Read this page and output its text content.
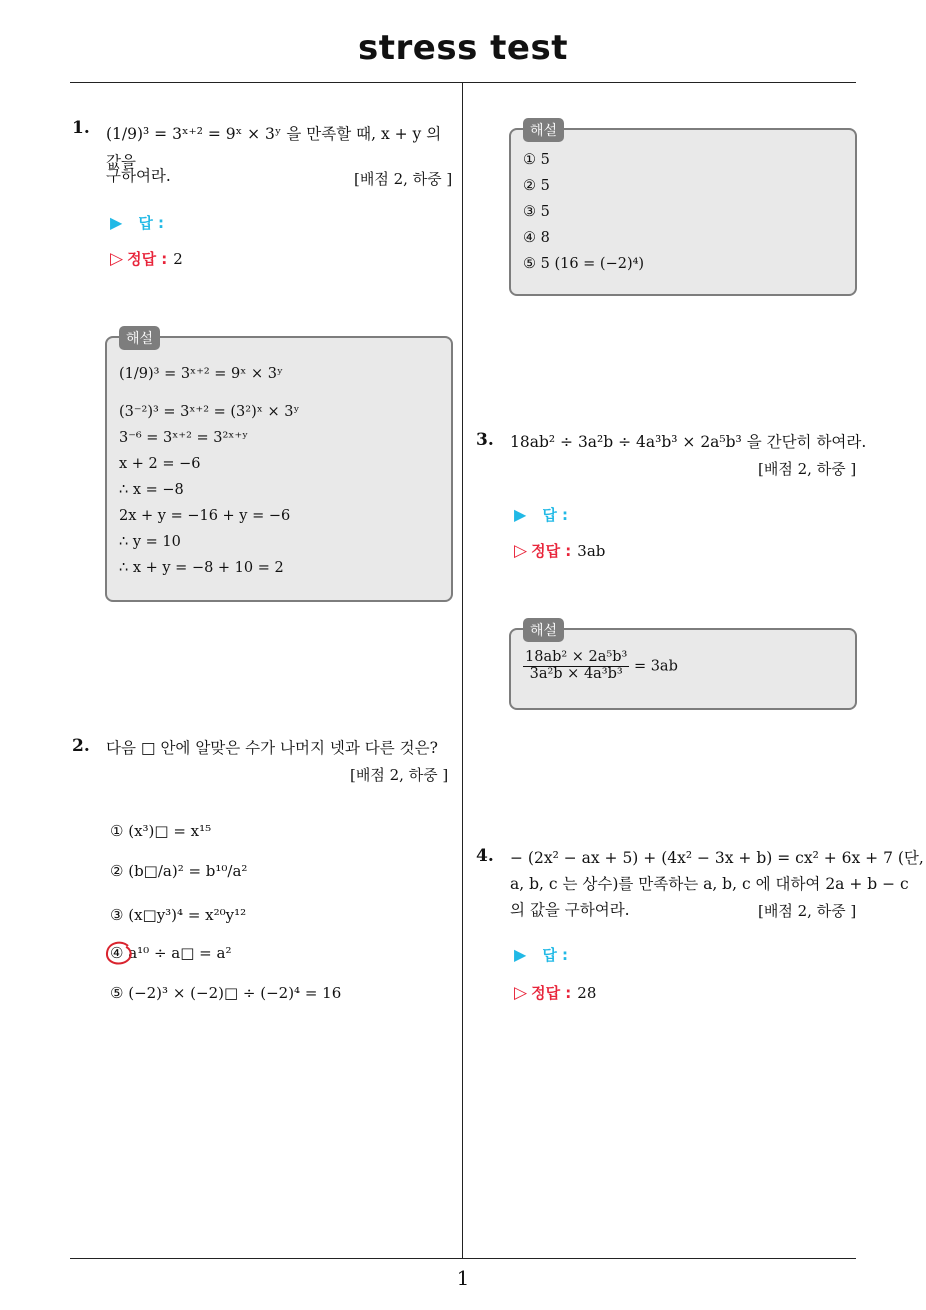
stress test
1
1. (1/9)³ = 3ˣ⁺² = 9ˣ × 3ʸ 을 만족할 때, x + y 의 값을
구하여라.	[배점 2, 하중 ]
▶ 답 :
▷ 정답 : 2
해설
(1/9)³ = 3ˣ⁺² = 9ˣ × 3ʸ
(3⁻²)³ = 3ˣ⁺² = (3²)ˣ × 3ʸ
3⁻⁶ = 3ˣ⁺² = 3²ˣ⁺ʸ
x + 2 = −6
∴ x = −8
2x + y = −16 + y = −6
∴ y = 10
∴ x + y = −8 + 10 = 2
2. 다음 □ 안에 알맞은 수가 나머지 넷과 다른 것은?
[배점 2, 하중 ]
① (x³)□ = x¹⁵
② (b□/a)² = b¹⁰/a²
③ (x□y³)⁴ = x²⁰y¹²
④ a¹⁰ ÷ a□ = a²
⑤ (−2)³ × (−2)□ ÷ (−2)⁴ = 16
해설
① 5
② 5
③ 5
④ 8
⑤ 5 (16 = (−2)⁴)
3. 18ab² ÷ 3a²b ÷ 4a³b³ × 2a⁵b³ 을 간단히 하여라.
[배점 2, 하중 ]
▶ 답 :
▷ 정답 : 3ab
해설
$\frac{\text{18ab² × 2a⁵b³}}{\text{3a²b × 4a³b³}} = 3ab$
4. − (2x² − ax + 5) + (4x² − 3x + b) = cx² + 6x + 7 (단,
a, b, c 는 상수)를 만족하는 a, b, c 에 대하여 2a + b − c
의 값을 구하여라.	[배점 2, 하중 ]
▶ 답 :
▷ 정답 : 28
